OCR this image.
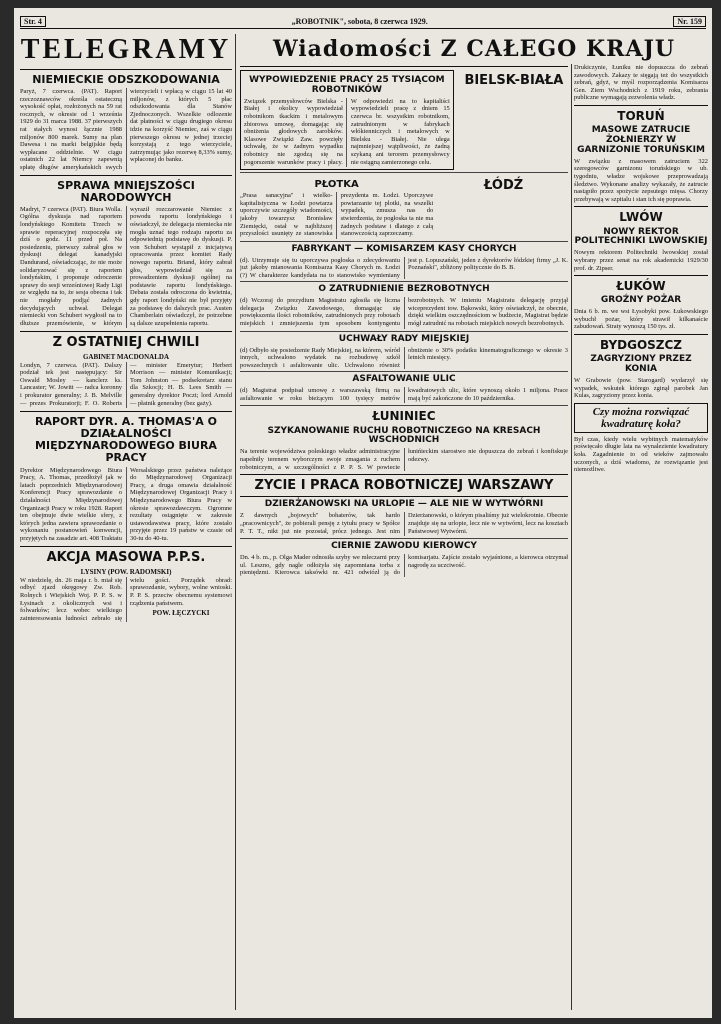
Str. 4	„ROBOTNIK", sobota, 8 czerwca 1929.	Nr. 159
TELEGRAMY
NIEMIECKIE ODSZKODOWANIA

Paryż, 7 czerwca. (PAT). Raport rzeczoznawców określa ostateczną wysokość opłat, rozłożonych na 59 rat rocznych, w okresie od 1 września 1929 do 31 marca 1988. 37 pierwszych rat stałych wynosi łącznie 1988 miljonów 800 marek. Sumy na plan Dawesa i na marki belgijskie będą wypłacane oddzielnie. W ciągu ostatnich 22 lat Niemcy zapewnią spłatę długów amerykańskich swych wierzycieli i wpłacą w ciągu 15 lat 40 miljonów, z których 5 płac odszkodowania dla Stanów Zjednoczonych. Wszelkie odlozenie dat płatności w ciągu drugiego okresu idzie na korzyść Niemiec, zaś w ciągu pierwszego okresu w jednej trzeciej korzystają z tego wierzyciele, zatrzymując jako rezerwę 8,33% sumy, wpłaconej do banku.

SPRAWA MNIEJSZOŚCI NARODOWYCH

Madryt, 7 czerwca (PAT). Biura Wolla. Ogólna dyskusja nad raportem londyńskiego Komitetu Trzech w sprawie reperacyjnej rozpoczęła się dziś o godz. 11 przed poł. Na posiedzeniu, pierwszy zabrał głos w dyskusji delegat kanadyjski Dandurand, oświadczając, że nie może solidaryzować się z raportem londyńskim, i proponuje odroczenie sprawy do sesji wrześniowej Rady Ligi ze względu na to, że sesja obecna i tak nie mogłaby podjąć żadnych decydujących uchwał. Delegat niemiecki von Schubert wygłosił na to dłuższe przemówienie, w którym wyraził rozczarowanie Niemiec z powodu raportu londyńskiego i oświadczył, że delegacja niemiecka nie mogła uznać tego rodzaju raportu za odpowiednią podstawę do dyskusji. P. von Schubert wystąpił z inicjatywą opracowania przez komitet Rady nowego raportu. Briand, który zabrał głos, wypowiedział się za prowadzeniem dyskusji ogólnej na podstawie raportu londyńskiego. Debata została odroczona do kwietnia, gdy raport londyński nie był przyjęty za podstawę do dalszych prac. Austen Chamberlain oświadczył, że potrzebne są dalsze uzupełnienia raportu.

Z OSTATNIEJ CHWILI
GABINET MACDONALDA

Londyn, 7 czerwca. (PAT). Dalszy podział tek jest następujący: Sir Oswald Mosley — kanclerz ks. Lancaster; W. Jowitt — radca koronny i prokurator generalny; J. B. Melville — prezes Prokuratorji; F. O. Roberts — minister Emerytur; Herbert Morrison — minister Komunikacji; Tom Johnston — podsekretarz stanu dla Szkocji; H. B. Lees Smith — generalny dyrektor Poczt; lord Arnold — płatnik generalny (bez gaży).

RAPORT DYR. A. THOMAS'A O DZIAŁALNOŚCI MIĘDZYNARODOWEGO BIURA PRACY

Dyrektor Międzynarodowego Biura Pracy, A. Thomas, przedłożył jak w latach poprzednich Międzynarodowej Konferencji Pracy sprawozdanie o działalności Międzynarodowej Organizacji Pracy w roku 1928. Raport ten obejmuje dwie wielkie sfery, z których jedna zawiera sprawozdanie o wykonaniu postanowień konwencji, przyjętych na zasadzie art. 408 Traktatu Wersalskiego przez państwa należące do Międzynarodowej Organizacji Pracy, a druga omawia działalność Międzynarodowej Organizacji Pracy i Międzynarodowego Biura Pracy w okresie sprawozdawczym. Ogromne rezultaty osiągnięte w zakresie ustawodawstwa pracy, które zostało przyjęte przez 19 państw w czasie od 30-tu do 40-tu.

AKCJA MASOWA P.P.S.
LYSINY (POW. RADOMSKI)

W niedzielę, dn. 26 maja r. b. miał się odbyć zjazd okręgowy Zw. Rob. Rolnych i Wiejskich Woj. P. P. S. w Łysinach z okolicznych wsi i folwarków; lecz wobec wielkiego zainteresowania ludności zebrało się wielu gości. Porządek obrad: sprawozdanie, wybory, wolne wnioski. P. P. S. przeciw obecnemu systemowi rządzenia państwem.

POW. ŁĘCZYCKI
Wiadomości Z CAŁEGO KRAJU
WYPOWIEDZENIE PRACY 25 TYSIĄCOM ROBOTNIKÓW

Związek przemysłowców Bielska - Białej i okolicy wypowiedział robotnikom tkackim i metalowym zbiorowa umowę, domagając się obniżenia głodowych zarobków. Klasowe Związki Zaw. powzięły uchwałę, że w żadnym wypadku robotnicy nie zgodzą się na pogorszenie warunków pracy i płacy. W odpowiedzi na to kapitaliści wypowiedzieli pracę z dniem 15 czerwca br. wszystkim robotnikom, zatrudnionym w fabrykach włókienniczych i metalowych w Bielsku - Białej. Nie ulega najmniejszej wątpliwości, że żadną szykaną ani terorem przemysłowcy nie osiągną zamierzonego celu.

BIELSK-BIAŁA
PŁOTKA

„Prasa sanacyjna" i wielko-kapitalistyczna w Łodzi powtarza uporczywie szczegóły wiadomości, jakoby towarzysz Bronisław Ziemięcki, ostał w najbliższej przyszłości usunięty ze stanowiska prezydenta m. Łodzi. Uporczywe powtarzanie tej plotki, na wszelki wypadek, zmusza nas do stwierdzenia, że pogłoska ta nie ma żadnych podstaw i dlatego z całą stanowczością zaprzeczamy.

ŁÓDŹ
FABRYKANT — KOMISARZEM KASY CHORYCH

(d). Utrzymuje się tu uporczywa pogłoska o zdecydowaniu już jakoby mianowania Komisarza Kasy Chorych m. Łodzi (?) W charakterze kandydata na to stanowisko wymieniany jest p. Lopuszański, jeden z dyrektorów łódzkiej firmy „J. K. Poznański", zbliżony politycznie do B. B.

O ZATRUDNIENIE BEZROBOTNYCH

(d) Wczoraj do prezydium Magistratu zgłosiła się liczna delegacja Związku Zawodowego, domagając się powiększenia ilości robotników, zatrudnionych przy robotach miejskich i zmniejszenia tym sposobem kontyngentu bezrobotnych. W imieniu Magistratu delegację przyjął wiceprezydent tow. Bąkowski, który oświadczył, że obecnie, dzięki wielkim oszczędnościom w budżecie, Magistrat będzie mógł zatrudnić na robotach miejskich nowych bezrobotnych.

UCHWAŁY RADY MIEJSKIEJ

(d) Odbyło się posiedzenie Rady Miejskiej, na którem, wśród innych, uchwalono wydatek na rozbudowę szkół powszechnych i asfaltowanie ulic. Uchwalono również obniżenie o 30% podatku kinematograficznego w okresie 3 letnich miesięcy.

ASFALTOWANIE ULIC

(d) Magistrat podpisał umowę z warszawską firmą na asfaltowanie w roku bieżącym 100 tysięcy metrów kwadratowych ulic, które wynoszą około 1 miljona. Prace mają być zakończone do 10 października.

ŁUNINIEC
SZYKANOWANIE RUCHU ROBOTNICZEGO NA KRESACH WSCHODNICH

Na terenie województwa poleskiego władze administracyjne napełniły terenem wyborczym swoje zmagania z ruchem robotniczym, a w szczególności z P. P. S. W powiecie łunińieckim starostwo nie dopuszcza do zebrań i konfiskuje odezwy.

ZYCIE I PRACA ROBOTNICZEJ WARSZAWY
DZIERŻANOWSKI NA URLOPIE — ALE NIE W WYTWÓRNI

Z dawnych „bojowych" bohaterów, tak hardo „pracownicych", że pobierali pensję z tytułu pracy w Spółce P. T. T., nikt już nie pozostał, prócz jednego. Jest nim Dzierżanowski, o którym pisaliśmy już wielokrotnie. Obecnie znajduje się na urlopie, lecz nie w wytwórni, lecz na kosztach Państwowej Wytwórni.

CIERNIE ZAWODU KIEROWCY

Dn. 4 b. m., p. Olga Mader odnosiła szyby we mleczarni przy ul. Leszno, gdy nagle odłożyła się zapomniana torba z pieniędzmi. Kierowca taksówki nr. 421 odwiózł ją do komisarjatu. Zajście zostało wyjaśnione, a kierowca otrzymał nagrodę za uczciwość.

Drukiczynie, Łuniku nie dopuszcza do zebrań zawodowych. Zakazy te sięgają też do wszystkich zebrań, gdyż, w myśl rozporządzenia Komisarza Gen. Ziem Wschodnich z 1919 roku, zebrania publiczne wymagają zezwolenia władz.

TORUŃ
MASOWE ZATRUCIE ŻOŁNIERZY W GARNIZONIE TORUŃSKIM

W związku z masowem zatruciem 322 szeregowców garnizonu toruńskiego w ub. tygodniu, władze wojskowe przeprowadzają śledztwo. Wykonane analizy wykazały, że zatrucie nastąpiło przez spożycie zepsutego mięsa. Chorzy przebywają w szpitalu i stan ich się poprawia.

LWÓW
NOWY REKTOR POLITECHNIKI LWOWSKIEJ

Nowym rektorem Politechniki lwowskiej został wybrany przez senat na rok akademicki 1929/30 prof. dr. Zipser.

ŁUKÓW
GROŹNY POŻAR

Dnia 6 b. m. we wsi Łysobyki pow. Łukowskiego wybuchł pożar, który strawił kilkanaście zabudowań. Straty wynoszą 150 tys. zł.

BYDGOSZCZ
ZAGRYZIONY PRZEZ KONIA

W Grabowie (pow. Starogard) wydarzył się wypadek, wskutek którego zginął parobek Jan Kulas, zagryziony przez konia.

Czy można rozwiązać kwadraturę koła?

Był czas, kiedy wielu wybitnych matematyków poświęcało długie lata na wynalezienie kwadratury koła. Zagadnienie to od wieków zajmowało uczonych, a dziś wiadomo, że rozwiązanie jest niemożliwe.
